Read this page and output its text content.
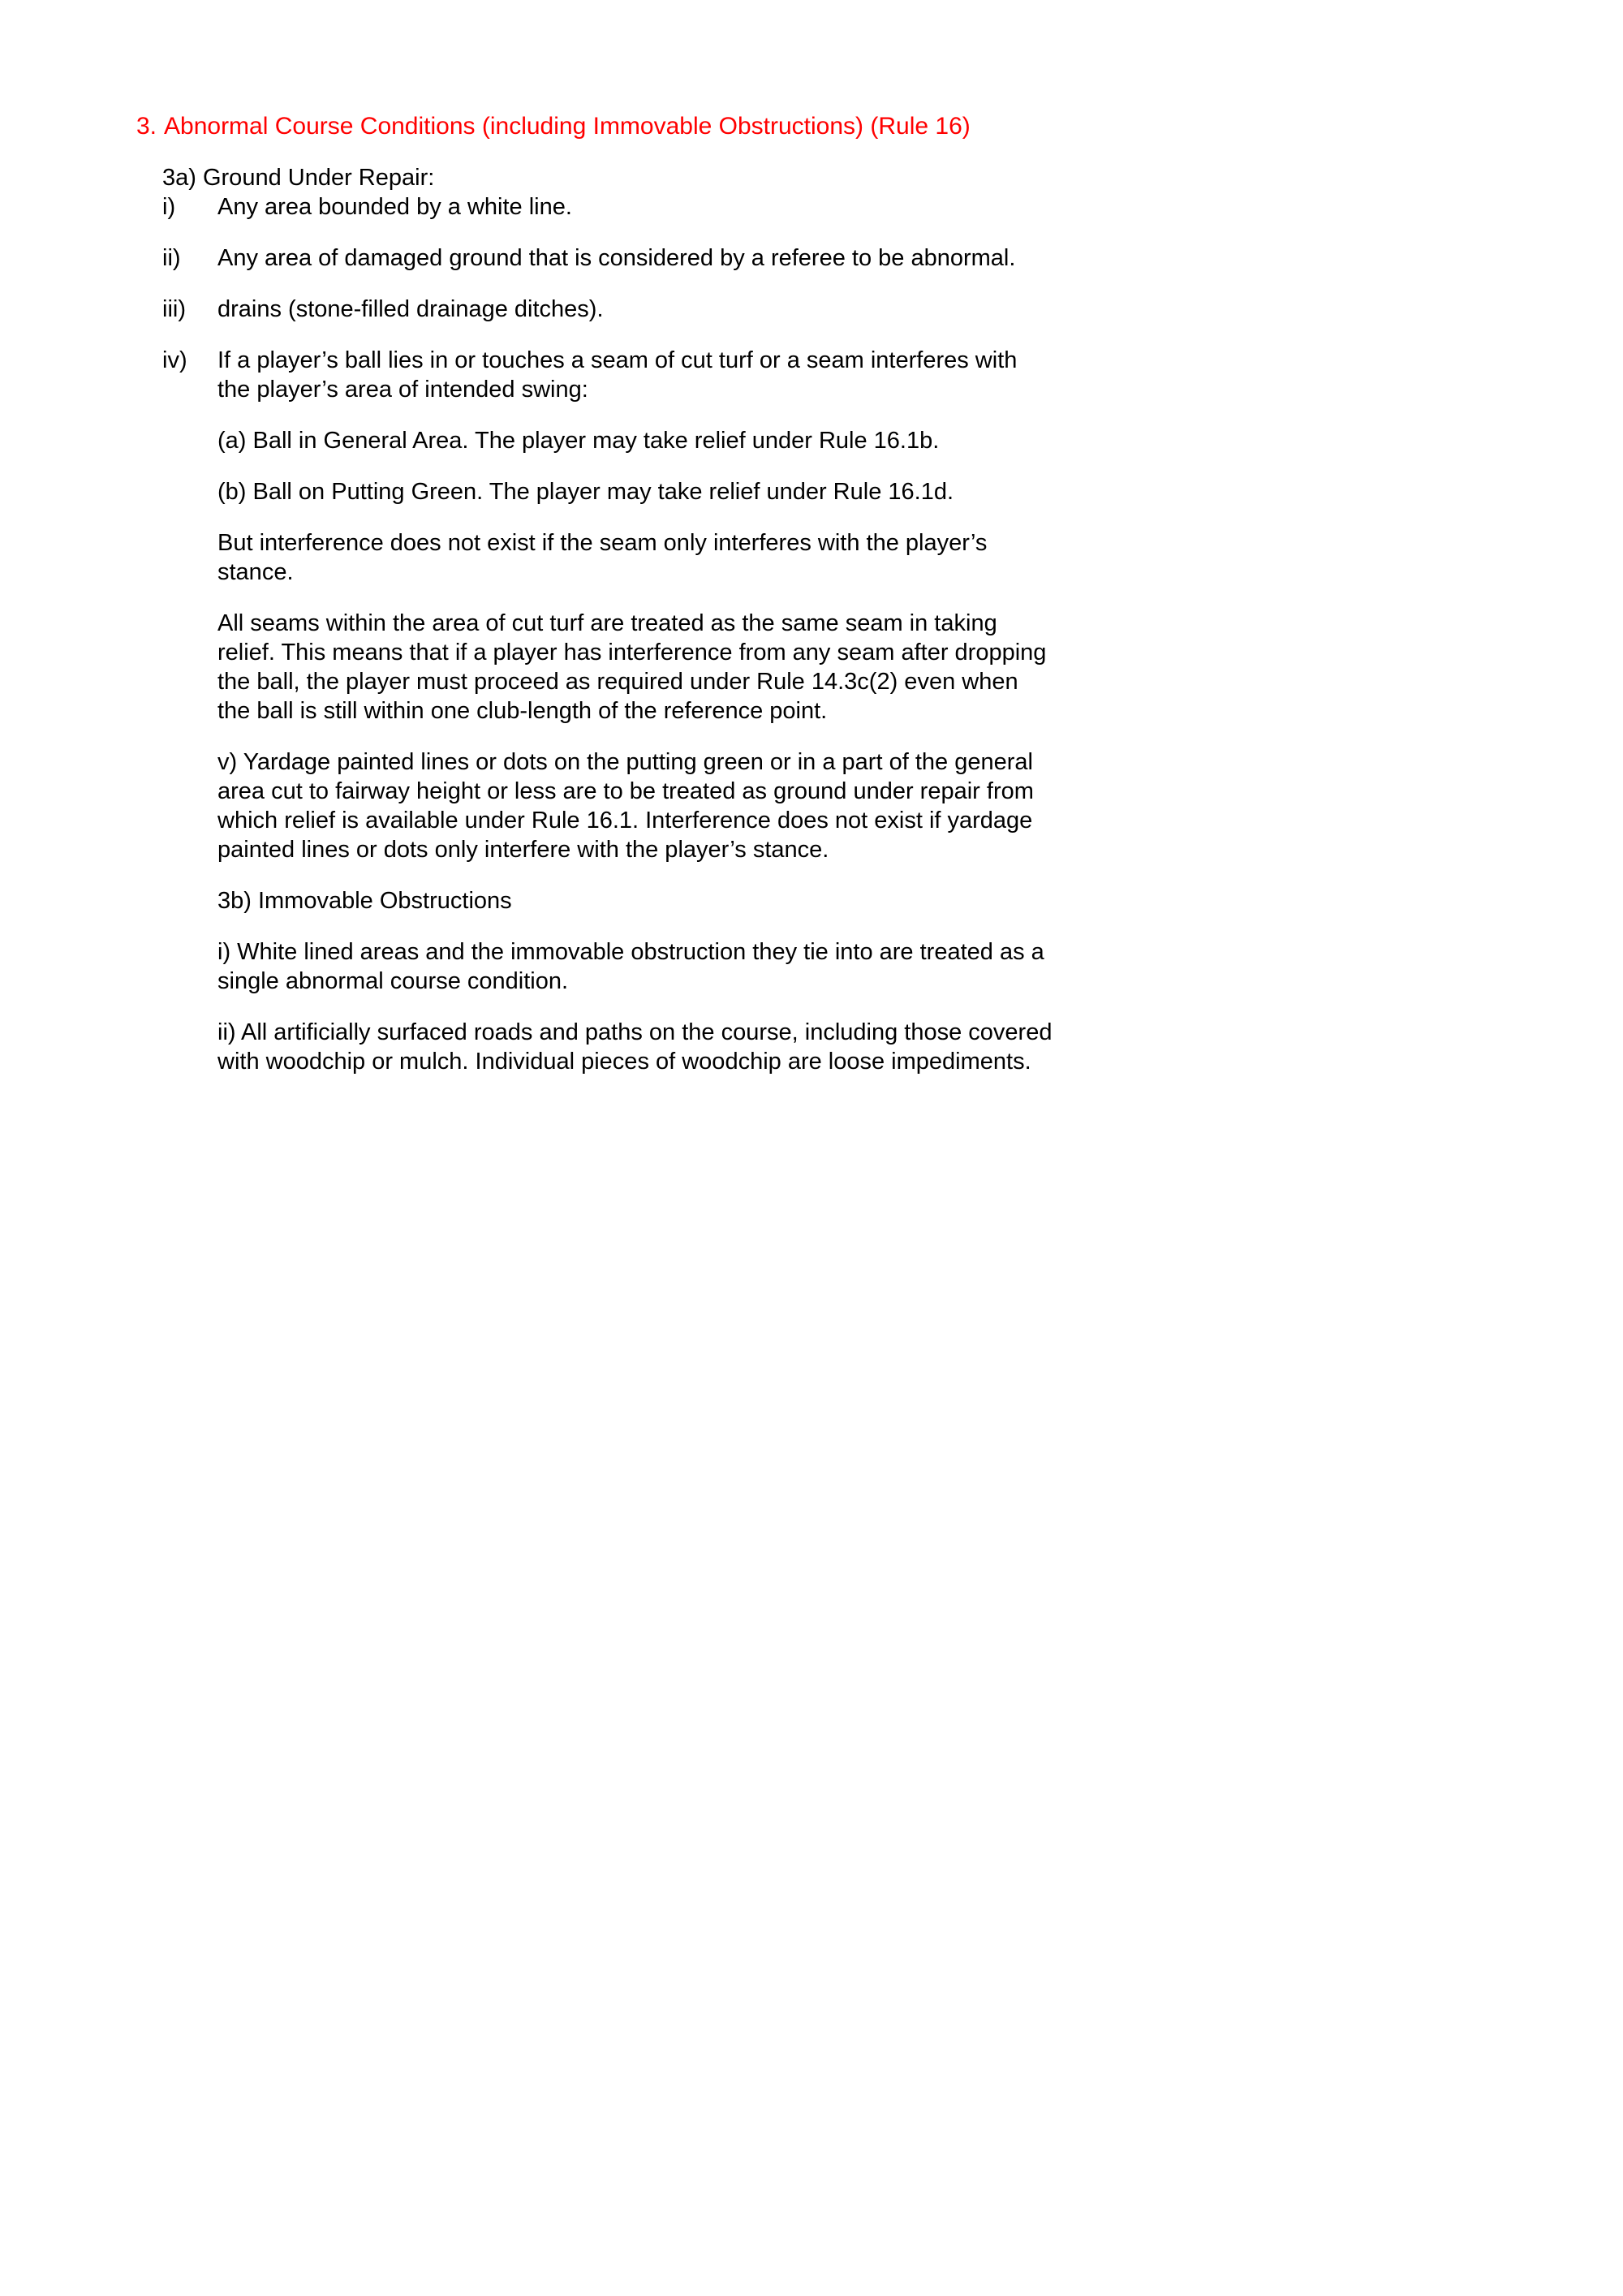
3. Abnormal Course Conditions (including Immovable Obstructions) (Rule 16)

3a) Ground Under Repair:

i)	Any area bounded by a white line.
ii)	Any area of damaged ground that is considered by a referee to be abnormal.
iii)	drains (stone-filled drainage ditches).
iv)	If a player’s ball lies in or touches a seam of cut turf or a seam interferes with the player’s area of intended swing:

(a) Ball in General Area. The player may take relief under Rule 16.1b.

(b) Ball on Putting Green. The player may take relief under Rule 16.1d.

But interference does not exist if the seam only interferes with the player’s stance.

All seams within the area of cut turf are treated as the same seam in taking relief. This means that if a player has interference from any seam after dropping the ball, the player must proceed as required under Rule 14.3c(2) even when the ball is still within one club-length of the reference point.

v) Yardage painted lines or dots on the putting green or in a part of the general area cut to fairway height or less are to be treated as ground under repair from which relief is available under Rule 16.1. Interference does not exist if yardage painted lines or dots only interfere with the player’s stance.

3b) Immovable Obstructions

i) White lined areas and the immovable obstruction they tie into are treated as a single abnormal course condition.

ii) All artificially surfaced roads and paths on the course, including those covered with woodchip or mulch. Individual pieces of woodchip are loose impediments.
